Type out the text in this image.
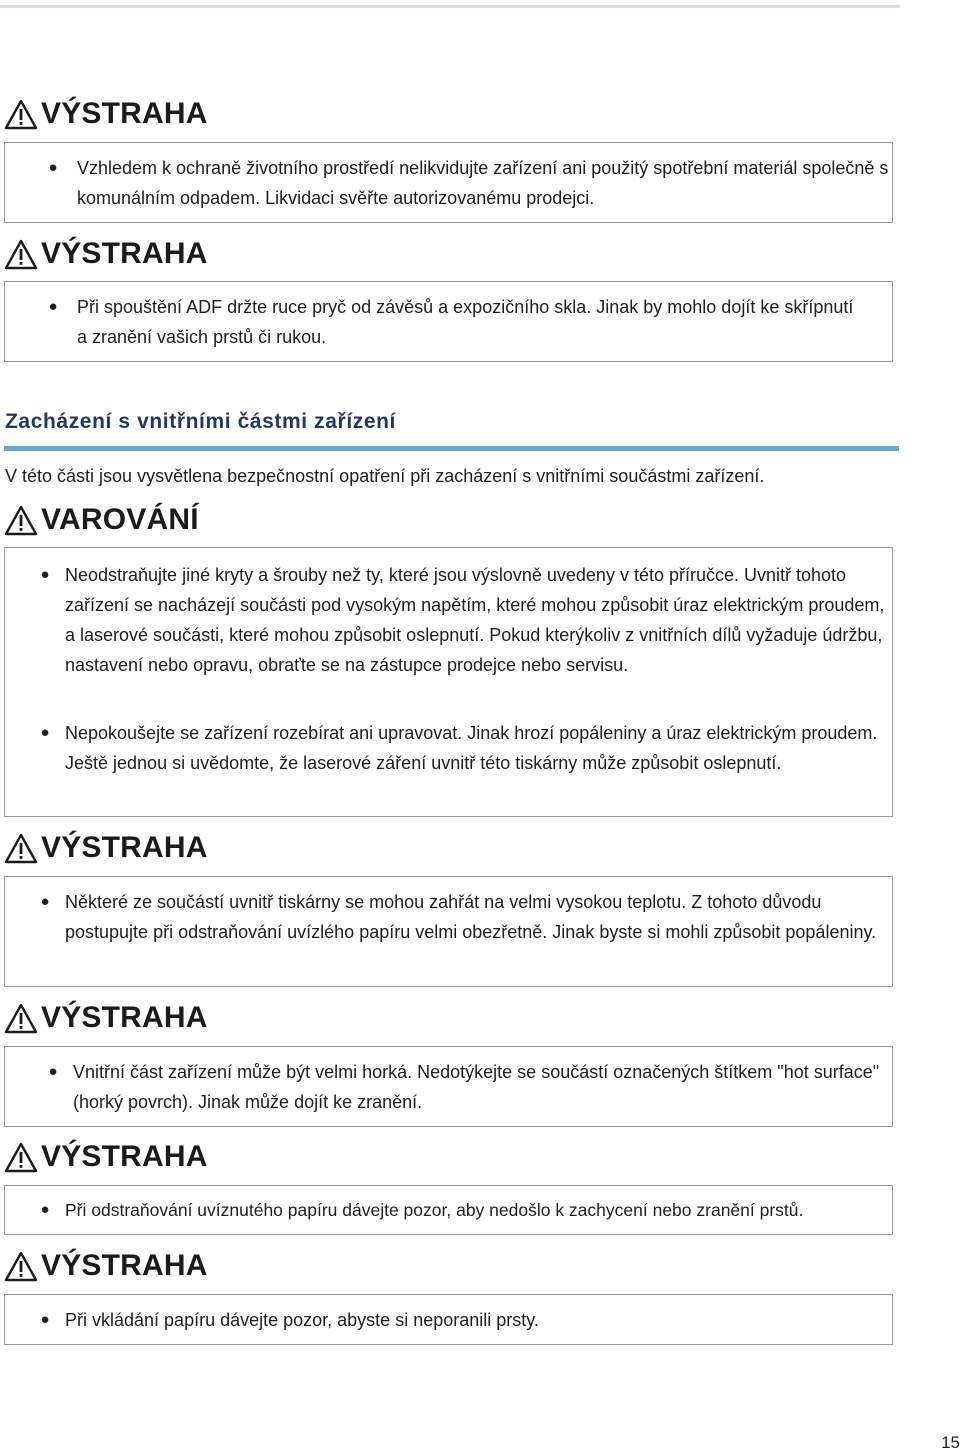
VÝSTRAHA
● Vzhledem k ochraně životního prostředí nelikvidujte zařízení ani použitý spotřební materiál společně s komunálním odpadem. Likvidaci svěřte autorizovanému prodejci.
VÝSTRAHA
● Při spouštění ADF držte ruce pryč od závěsů a expozičního skla. Jinak by mohlo dojít ke skřípnutí a zranění vašich prstů či rukou.
Zacházení s vnitřními částmi zařízení
V této části jsou vysvětlena bezpečnostní opatření při zacházení s vnitřními součástmi zařízení.
VAROVÁNÍ
● Neodstraňujte jiné kryty a šrouby než ty, které jsou výslovně uvedeny v této příručce. Uvnitř tohoto zařízení se nacházejí součásti pod vysokým napětím, které mohou způsobit úraz elektrickým proudem, a laserové součásti, které mohou způsobit oslepnutí. Pokud kterýkoliv z vnitřních dílů vyžaduje údržbu, nastavení nebo opravu, obraťte se na zástupce prodejce nebo servisu.
● Nepokoušejte se zařízení rozebírat ani upravovat. Jinak hrozí popáleniny a úraz elektrickým proudem. Ještě jednou si uvědomte, že laserové záření uvnitř této tiskárny může způsobit oslepnutí.
VÝSTRAHA
● Některé ze součástí uvnitř tiskárny se mohou zahřát na velmi vysokou teplotu. Z tohoto důvodu postupujte při odstraňování uvízlého papíru velmi obezřetně. Jinak byste si mohli způsobit popáleniny.
VÝSTRAHA
● Vnitřní část zařízení může být velmi horká. Nedotýkejte se součástí označených štítkem "hot surface" (horký povrch). Jinak může dojít ke zranění.
VÝSTRAHA
● Při odstraňování uvíznutého papíru dávejte pozor, aby nedošlo k zachycení nebo zranění prstů.
VÝSTRAHA
● Při vkládání papíru dávejte pozor, abyste si neporanili prsty.
15
